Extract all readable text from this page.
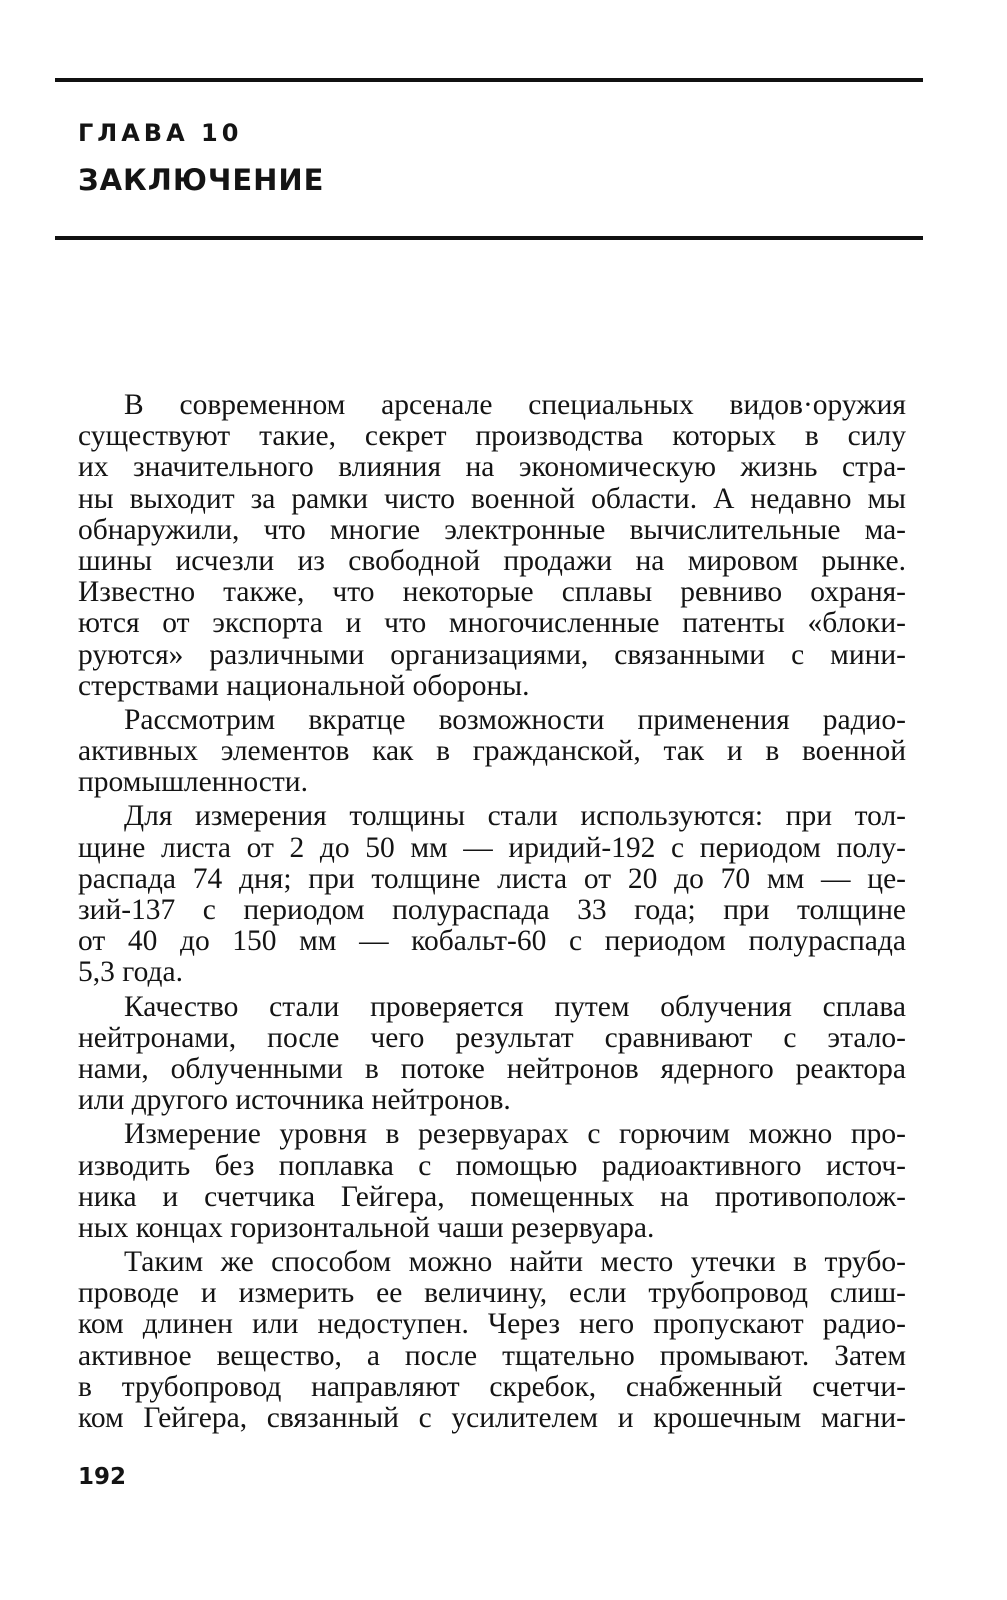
ГЛАВА 10
ЗАКЛЮЧЕНИЕ
В современном арсенале специальных видов·оружия
существуют такие, секрет производства которых в силу
их значительного влияния на экономическую жизнь стра-
ны выходит за рамки чисто военной области. А недавно мы
обнаружили, что многие электронные вычислительные ма-
шины исчезли из свободной продажи на мировом рынке.
Известно также, что некоторые сплавы ревниво охраня-
ются от экспорта и что многочисленные патенты «блоки-
руются» различными организациями, связанными с мини-
стерствами национальной обороны.
Рассмотрим вкратце возможности применения радио-
активных элементов как в гражданской, так и в военной
промышленности.
Для измерения толщины стали используются: при тол-
щине листа от 2 до 50 мм — иридий-192 с периодом полу-
распада 74 дня; при толщине листа от 20 до 70 мм — це-
зий-137 с периодом полураспада 33 года; при толщине
от 40 до 150 мм — кобальт-60 с периодом полураспада
5,3 года.
Качество стали проверяется путем облучения сплава
нейтронами, после чего результат сравнивают с этало-
нами, облученными в потоке нейтронов ядерного реактора
или другого источника нейтронов.
Измерение уровня в резервуарах с горючим можно про-
изводить без поплавка с помощью радиоактивного источ-
ника и счетчика Гейгера, помещенных на противополож-
ных концах горизонтальной чаши резервуара.
Таким же способом можно найти место утечки в трубо-
проводе и измерить ее величину, если трубопровод слиш-
ком длинен или недоступен. Через него пропускают радио-
активное вещество, а после тщательно промывают. Затем
в трубопровод направляют скребок, снабженный счетчи-
ком Гейгера, связанный с усилителем и крошечным магни-
192
